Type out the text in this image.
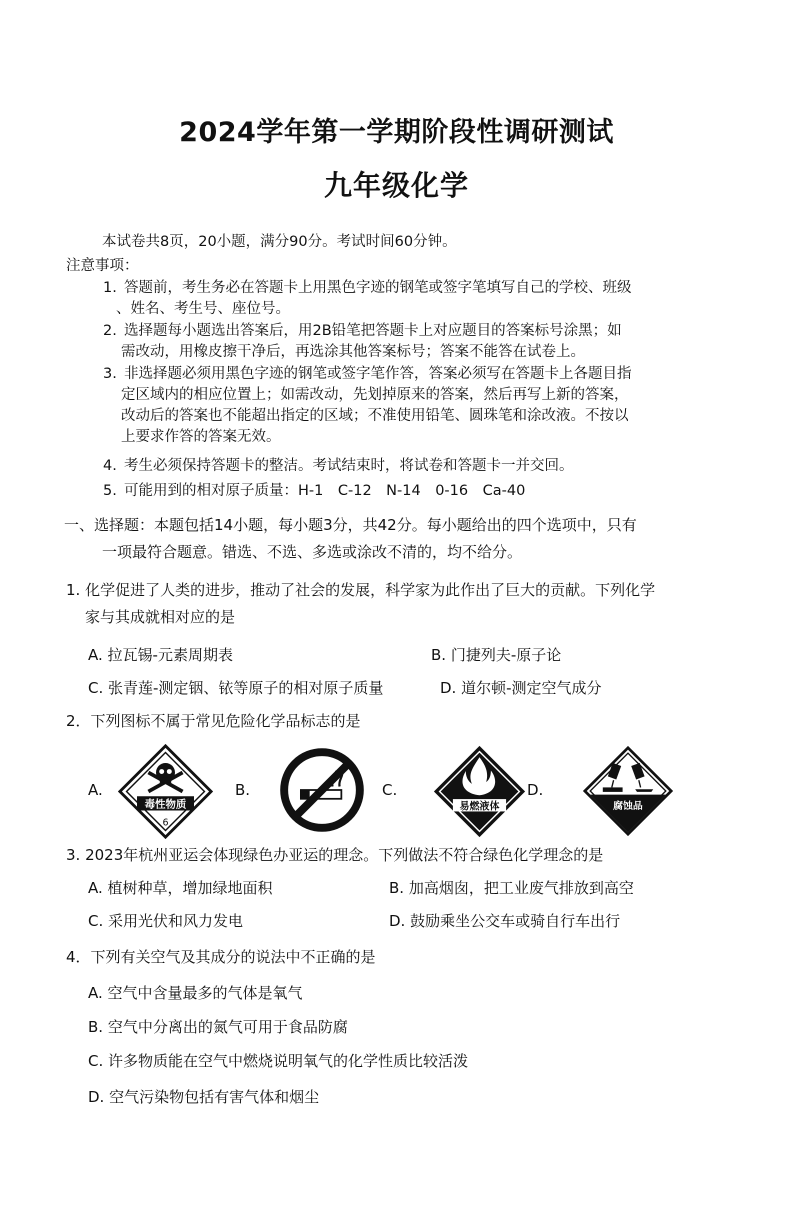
2024学年第一学期阶段性调研测试
九年级化学
本试卷共8页，20小题，满分90分。考试时间60分钟。
注意事项：
1. 答题前，考生务必在答题卡上用黑色字迹的钢笔或签字笔填写自己的学校、班级
、姓名、考生号、座位号。
2. 选择题每小题选出答案后，用2B铅笔把答题卡上对应题目的答案标号涂黑；如
需改动，用橡皮擦干净后，再选涂其他答案标号；答案不能答在试卷上。
3. 非选择题必须用黑色字迹的钢笔或签字笔作答，答案必须写在答题卡上各题目指
定区域内的相应位置上；如需改动，先划掉原来的答案，然后再写上新的答案，
改动后的答案也不能超出指定的区域；不准使用铅笔、圆珠笔和涂改液。不按以
上要求作答的答案无效。
4. 考生必须保持答题卡的整洁。考试结束时，将试卷和答题卡一并交回。
5. 可能用到的相对原子质量：H-1　C-12　N-14　0-16　Ca-40
一、选择题：本题包括14小题，每小题3分，共42分。每小题给出的四个选项中，只有
一项最符合题意。错选、不选、多选或涂改不清的，均不给分。
1. 化学促进了人类的进步，推动了社会的发展，科学家为此作出了巨大的贡献。下列化学
家与其成就相对应的是
A. 拉瓦锡-元素周期表	B. 门捷列夫-原子论
C. 张青莲-测定铟、铱等原子的相对原子质量	D. 道尔顿-测定空气成分
2．下列图标不属于常见危险化学品标志的是
A.
毒性物质
6
B.	C.
易燃液体
D.
腐蚀品
3. 2023年杭州亚运会体现绿色办亚运的理念。下列做法不符合绿色化学理念的是
A. 植树种草，增加绿地面积	B. 加高烟囱，把工业废气排放到高空
C. 采用光伏和风力发电	D. 鼓励乘坐公交车或骑自行车出行
4．下列有关空气及其成分的说法中不正确的是
A. 空气中含量最多的气体是氧气
B. 空气中分离出的氮气可用于食品防腐
C. 许多物质能在空气中燃烧说明氧气的化学性质比较活泼
D. 空气污染物包括有害气体和烟尘
